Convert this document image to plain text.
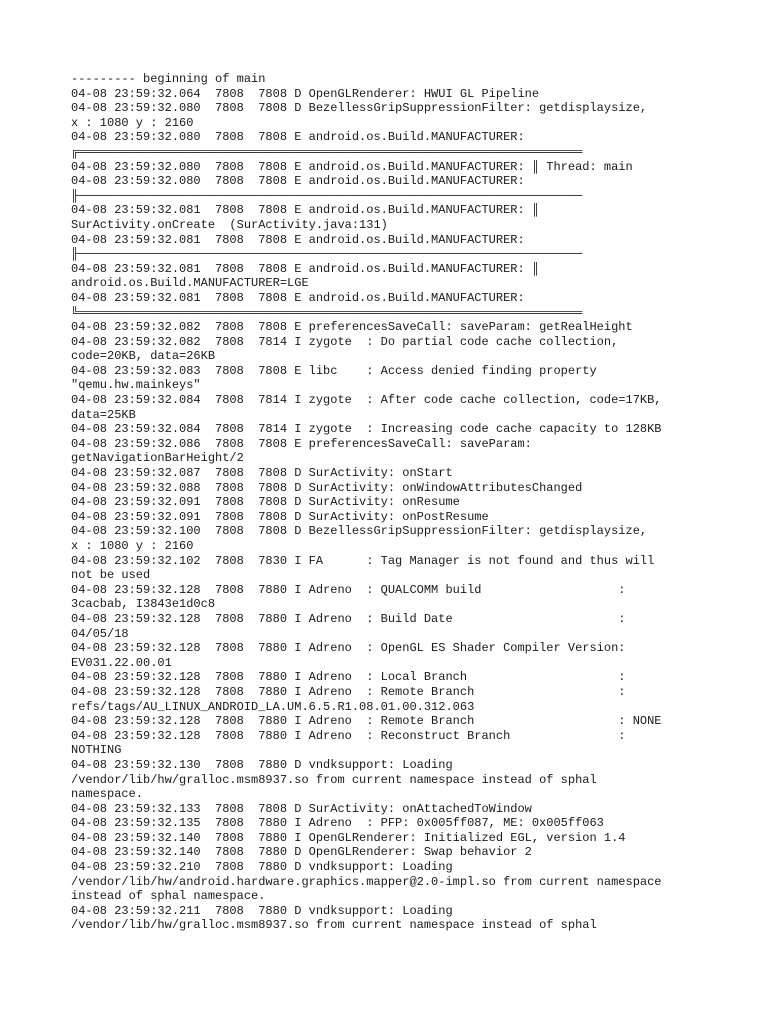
--------- beginning of main
04-08 23:59:32.064  7808  7808 D OpenGLRenderer: HWUI GL Pipeline
04-08 23:59:32.080  7808  7808 D BezellessGripSuppressionFilter: getdisplaysize,
x : 1080 y : 2160
04-08 23:59:32.080  7808  7808 E android.os.Build.MANUFACTURER:
╔══════════════════════════════════════════════════════════════════════
04-08 23:59:32.080  7808  7808 E android.os.Build.MANUFACTURER: ║ Thread: main
04-08 23:59:32.080  7808  7808 E android.os.Build.MANUFACTURER:
╟──────────────────────────────────────────────────────────────────────
04-08 23:59:32.081  7808  7808 E android.os.Build.MANUFACTURER: ║
SurActivity.onCreate  (SurActivity.java:131)
04-08 23:59:32.081  7808  7808 E android.os.Build.MANUFACTURER:
╟──────────────────────────────────────────────────────────────────────
04-08 23:59:32.081  7808  7808 E android.os.Build.MANUFACTURER: ║
android.os.Build.MANUFACTURER=LGE
04-08 23:59:32.081  7808  7808 E android.os.Build.MANUFACTURER:
╚══════════════════════════════════════════════════════════════════════
04-08 23:59:32.082  7808  7808 E preferencesSaveCall: saveParam: getRealHeight
04-08 23:59:32.082  7808  7814 I zygote  : Do partial code cache collection,
code=20KB, data=26KB
04-08 23:59:32.083  7808  7808 E libc    : Access denied finding property
"qemu.hw.mainkeys"
04-08 23:59:32.084  7808  7814 I zygote  : After code cache collection, code=17KB,
data=25KB
04-08 23:59:32.084  7808  7814 I zygote  : Increasing code cache capacity to 128KB
04-08 23:59:32.086  7808  7808 E preferencesSaveCall: saveParam:
getNavigationBarHeight/2
04-08 23:59:32.087  7808  7808 D SurActivity: onStart
04-08 23:59:32.088  7808  7808 D SurActivity: onWindowAttributesChanged
04-08 23:59:32.091  7808  7808 D SurActivity: onResume
04-08 23:59:32.091  7808  7808 D SurActivity: onPostResume
04-08 23:59:32.100  7808  7808 D BezellessGripSuppressionFilter: getdisplaysize,
x : 1080 y : 2160
04-08 23:59:32.102  7808  7830 I FA      : Tag Manager is not found and thus will
not be used
04-08 23:59:32.128  7808  7880 I Adreno  : QUALCOMM build                   :
3cacbab, I3843e1d0c8
04-08 23:59:32.128  7808  7880 I Adreno  : Build Date                       :
04/05/18
04-08 23:59:32.128  7808  7880 I Adreno  : OpenGL ES Shader Compiler Version:
EV031.22.00.01
04-08 23:59:32.128  7808  7880 I Adreno  : Local Branch                     :
04-08 23:59:32.128  7808  7880 I Adreno  : Remote Branch                    :
refs/tags/AU_LINUX_ANDROID_LA.UM.6.5.R1.08.01.00.312.063
04-08 23:59:32.128  7808  7880 I Adreno  : Remote Branch                    : NONE
04-08 23:59:32.128  7808  7880 I Adreno  : Reconstruct Branch               :
NOTHING
04-08 23:59:32.130  7808  7880 D vndksupport: Loading
/vendor/lib/hw/gralloc.msm8937.so from current namespace instead of sphal
namespace.
04-08 23:59:32.133  7808  7808 D SurActivity: onAttachedToWindow
04-08 23:59:32.135  7808  7880 I Adreno  : PFP: 0x005ff087, ME: 0x005ff063
04-08 23:59:32.140  7808  7880 I OpenGLRenderer: Initialized EGL, version 1.4
04-08 23:59:32.140  7808  7880 D OpenGLRenderer: Swap behavior 2
04-08 23:59:32.210  7808  7880 D vndksupport: Loading
/vendor/lib/hw/android.hardware.graphics.mapper@2.0-impl.so from current namespace
instead of sphal namespace.
04-08 23:59:32.211  7808  7880 D vndksupport: Loading
/vendor/lib/hw/gralloc.msm8937.so from current namespace instead of sphal
